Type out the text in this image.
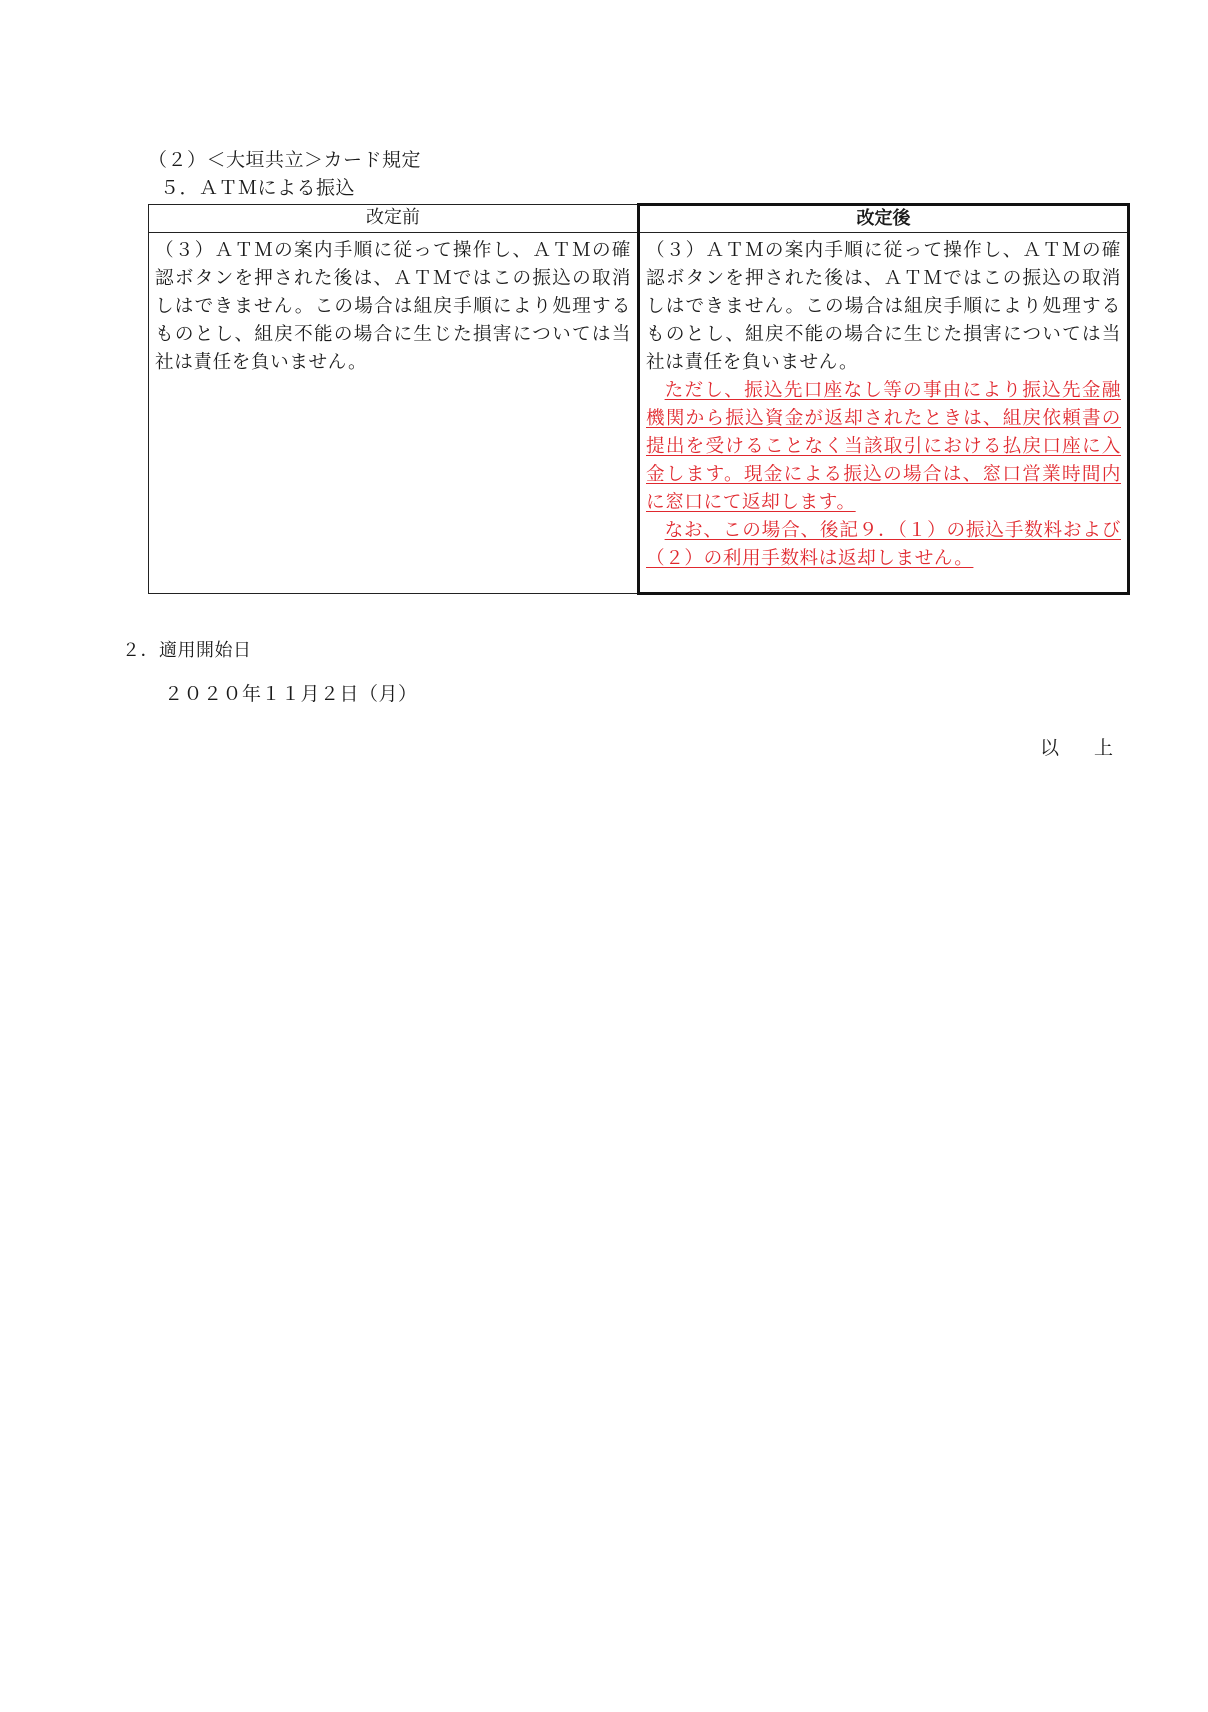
（２）＜大垣共立＞カード規定
５．ＡＴＭによる振込
改定前	改定後

（３）ＡＴＭの案内手順に従って操作し、ＡＴＭの確認ボタンを押された後は、ＡＴＭではこの振込の取消しはできません。この場合は組戻手順により処理するものとし、組戻不能の場合に生じた損害については当社は責任を負いません。	（３）ＡＴＭの案内手順に従って操作し、ＡＴＭの確認ボタンを押された後は、ＡＴＭではこの振込の取消しはできません。この場合は組戻手順により処理するものとし、組戻不能の場合に生じた損害については当社は責任を負いません。
ただし、振込先口座なし等の事由により振込先金融機関から振込資金が返却されたときは、組戻依頼書の提出を受けることなく当該取引における払戻口座に入金します。現金による振込の場合は、窓口営業時間内に窓口にて返却します。
なお、この場合、後記９．（１）の振込手数料および（２）の利用手数料は返却しません。
２．適用開始日
２０２０年１１月２日（月）
以　上
